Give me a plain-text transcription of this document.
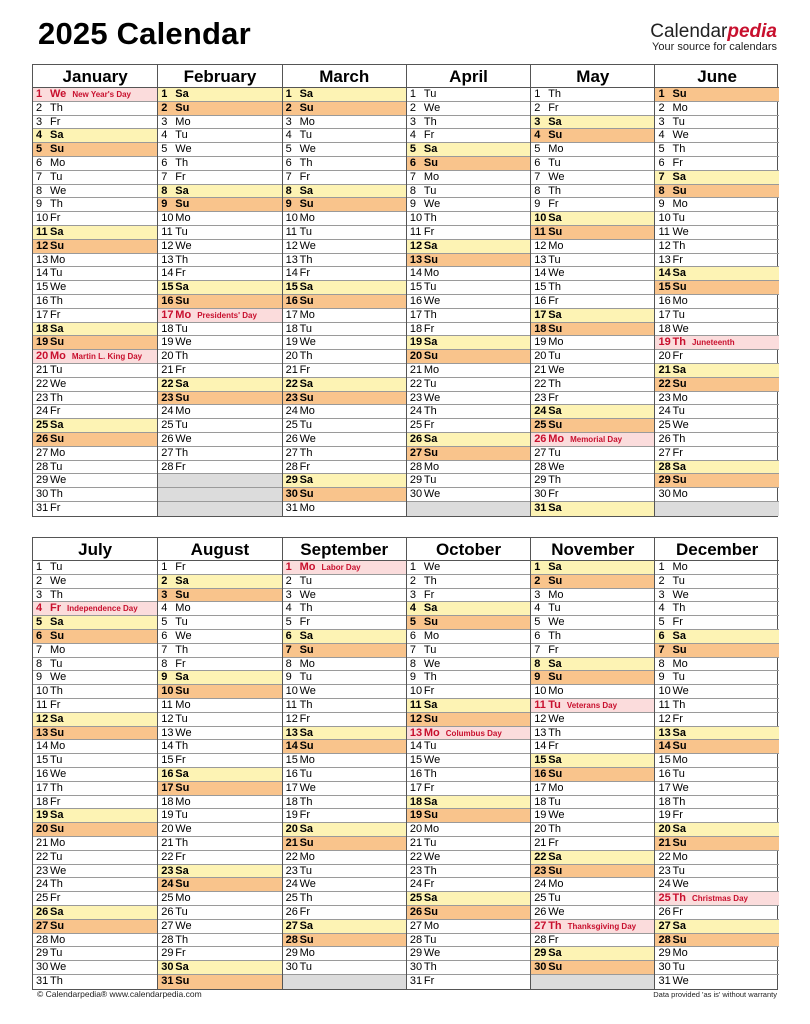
2025 Calendar	Calendarpedia
Your source for calendars
January
1 We New Year's Day
2 Th
3 Fr
4 Sa
5 Su
6 Mo
7 Tu
8 We
9 Th
10 Fr
11 Sa
12 Su
13 Mo
14 Tu
15 We
16 Th
17 Fr
18 Sa
19 Su
20 Mo Martin L. King Day
21 Tu
22 We
23 Th
24 Fr
25 Sa
26 Su
27 Mo
28 Tu
29 We
30 Th
31 Fr
February
1 Sa
2 Su
3 Mo
4 Tu
5 We
6 Th
7 Fr
8 Sa
9 Su
10 Mo
11 Tu
12 We
13 Th
14 Fr
15 Sa
16 Su
17 Mo Presidents' Day
18 Tu
19 We
20 Th
21 Fr
22 Sa
23 Su
24 Mo
25 Tu
26 We
27 Th
28 Fr
March
1 Sa
2 Su
3 Mo
4 Tu
5 We
6 Th
7 Fr
8 Sa
9 Su
10 Mo
11 Tu
12 We
13 Th
14 Fr
15 Sa
16 Su
17 Mo
18 Tu
19 We
20 Th
21 Fr
22 Sa
23 Su
24 Mo
25 Tu
26 We
27 Th
28 Fr
29 Sa
30 Su
31 Mo
April
1 Tu
2 We
3 Th
4 Fr
5 Sa
6 Su
7 Mo
8 Tu
9 We
10 Th
11 Fr
12 Sa
13 Su
14 Mo
15 Tu
16 We
17 Th
18 Fr
19 Sa
20 Su
21 Mo
22 Tu
23 We
24 Th
25 Fr
26 Sa
27 Su
28 Mo
29 Tu
30 We
May
1 Th
2 Fr
3 Sa
4 Su
5 Mo
6 Tu
7 We
8 Th
9 Fr
10 Sa
11 Su
12 Mo
13 Tu
14 We
15 Th
16 Fr
17 Sa
18 Su
19 Mo
20 Tu
21 We
22 Th
23 Fr
24 Sa
25 Su
26 Mo Memorial Day
27 Tu
28 We
29 Th
30 Fr
31 Sa
June
1 Su
2 Mo
3 Tu
4 We
5 Th
6 Fr
7 Sa
8 Su
9 Mo
10 Tu
11 We
12 Th
13 Fr
14 Sa
15 Su
16 Mo
17 Tu
18 We
19 Th Juneteenth
20 Fr
21 Sa
22 Su
23 Mo
24 Tu
25 We
26 Th
27 Fr
28 Sa
29 Su
30 Mo
July
1 Tu
2 We
3 Th
4 Fr Independence Day
5 Sa
6 Su
7 Mo
8 Tu
9 We
10 Th
11 Fr
12 Sa
13 Su
14 Mo
15 Tu
16 We
17 Th
18 Fr
19 Sa
20 Su
21 Mo
22 Tu
23 We
24 Th
25 Fr
26 Sa
27 Su
28 Mo
29 Tu
30 We
31 Th
August
1 Fr
2 Sa
3 Su
4 Mo
5 Tu
6 We
7 Th
8 Fr
9 Sa
10 Su
11 Mo
12 Tu
13 We
14 Th
15 Fr
16 Sa
17 Su
18 Mo
19 Tu
20 We
21 Th
22 Fr
23 Sa
24 Su
25 Mo
26 Tu
27 We
28 Th
29 Fr
30 Sa
31 Su
September
1 Mo Labor Day
2 Tu
3 We
4 Th
5 Fr
6 Sa
7 Su
8 Mo
9 Tu
10 We
11 Th
12 Fr
13 Sa
14 Su
15 Mo
16 Tu
17 We
18 Th
19 Fr
20 Sa
21 Su
22 Mo
23 Tu
24 We
25 Th
26 Fr
27 Sa
28 Su
29 Mo
30 Tu
October
1 We
2 Th
3 Fr
4 Sa
5 Su
6 Mo
7 Tu
8 We
9 Th
10 Fr
11 Sa
12 Su
13 Mo Columbus Day
14 Tu
15 We
16 Th
17 Fr
18 Sa
19 Su
20 Mo
21 Tu
22 We
23 Th
24 Fr
25 Sa
26 Su
27 Mo
28 Tu
29 We
30 Th
31 Fr
November
1 Sa
2 Su
3 Mo
4 Tu
5 We
6 Th
7 Fr
8 Sa
9 Su
10 Mo
11 Tu Veterans Day
12 We
13 Th
14 Fr
15 Sa
16 Su
17 Mo
18 Tu
19 We
20 Th
21 Fr
22 Sa
23 Su
24 Mo
25 Tu
26 We
27 Th Thanksgiving Day
28 Fr
29 Sa
30 Su
December
1 Mo
2 Tu
3 We
4 Th
5 Fr
6 Sa
7 Su
8 Mo
9 Tu
10 We
11 Th
12 Fr
13 Sa
14 Su
15 Mo
16 Tu
17 We
18 Th
19 Fr
20 Sa
21 Su
22 Mo
23 Tu
24 We
25 Th Christmas Day
26 Fr
27 Sa
28 Su
29 Mo
30 Tu
31 We
© Calendarpedia® www.calendarpedia.com	Data provided 'as is' without warranty
